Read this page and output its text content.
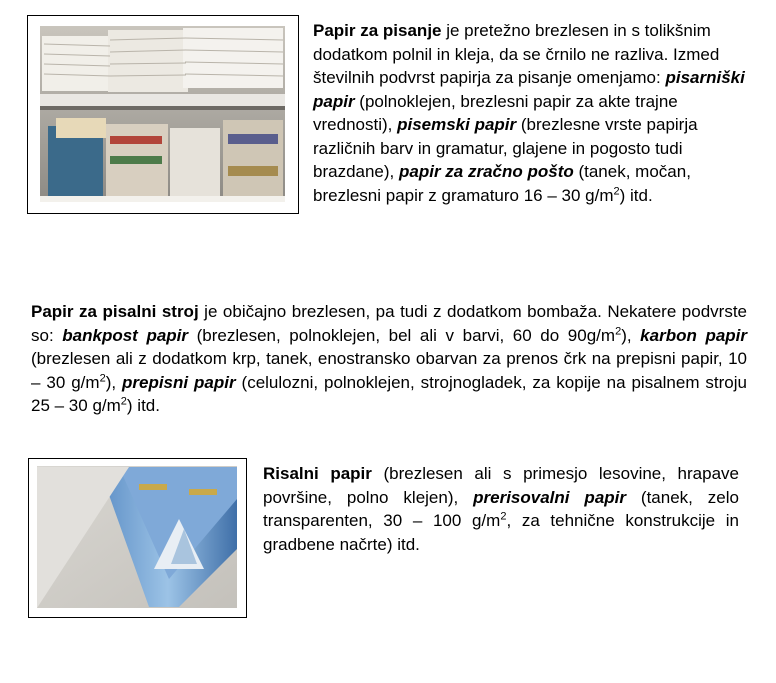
Papir za pisanje je pretežno brezlesen in s tolikšnim dodatkom polnil in kleja, da se črnilo ne razliva. Izmed številnih podvrst papirja za pisanje omenjamo: pisarniški papir (polnoklejen, brezlesni papir za akte trajne vrednosti), pisemski papir (brezlesne vrste papirja različnih barv in gramatur, glajene in pogosto tudi brazdane), papir za zračno pošto (tanek, močan, brezlesni papir z gramaturo 16 – 30 $g/m^2$) itd.

Papir za pisalni stroj je običajno brezlesen, pa tudi z dodatkom bombaža. Nekatere podvrste so: bankpost papir (brezlesen, polnoklejen, bel ali v barvi, 60 do $90g/m^2$), karbon papir (brezlesen ali z dodatkom krp, tanek, enostransko obarvan za prenos črk na prepisni papir, 10 – 30 $g/m^2$), prepisni papir (celulozni, polnoklejen, strojnogladek, za kopije na pisalnem stroju 25 – 30 $g/m^2$) itd.

Risalni papir (brezlesen ali s primesjo lesovine, hrapave površine, polno klejen), prerisovalni papir (tanek, zelo transparenten, 30 – 100 $g/m^2$, za tehnične konstrukcije in gradbene načrte) itd.
